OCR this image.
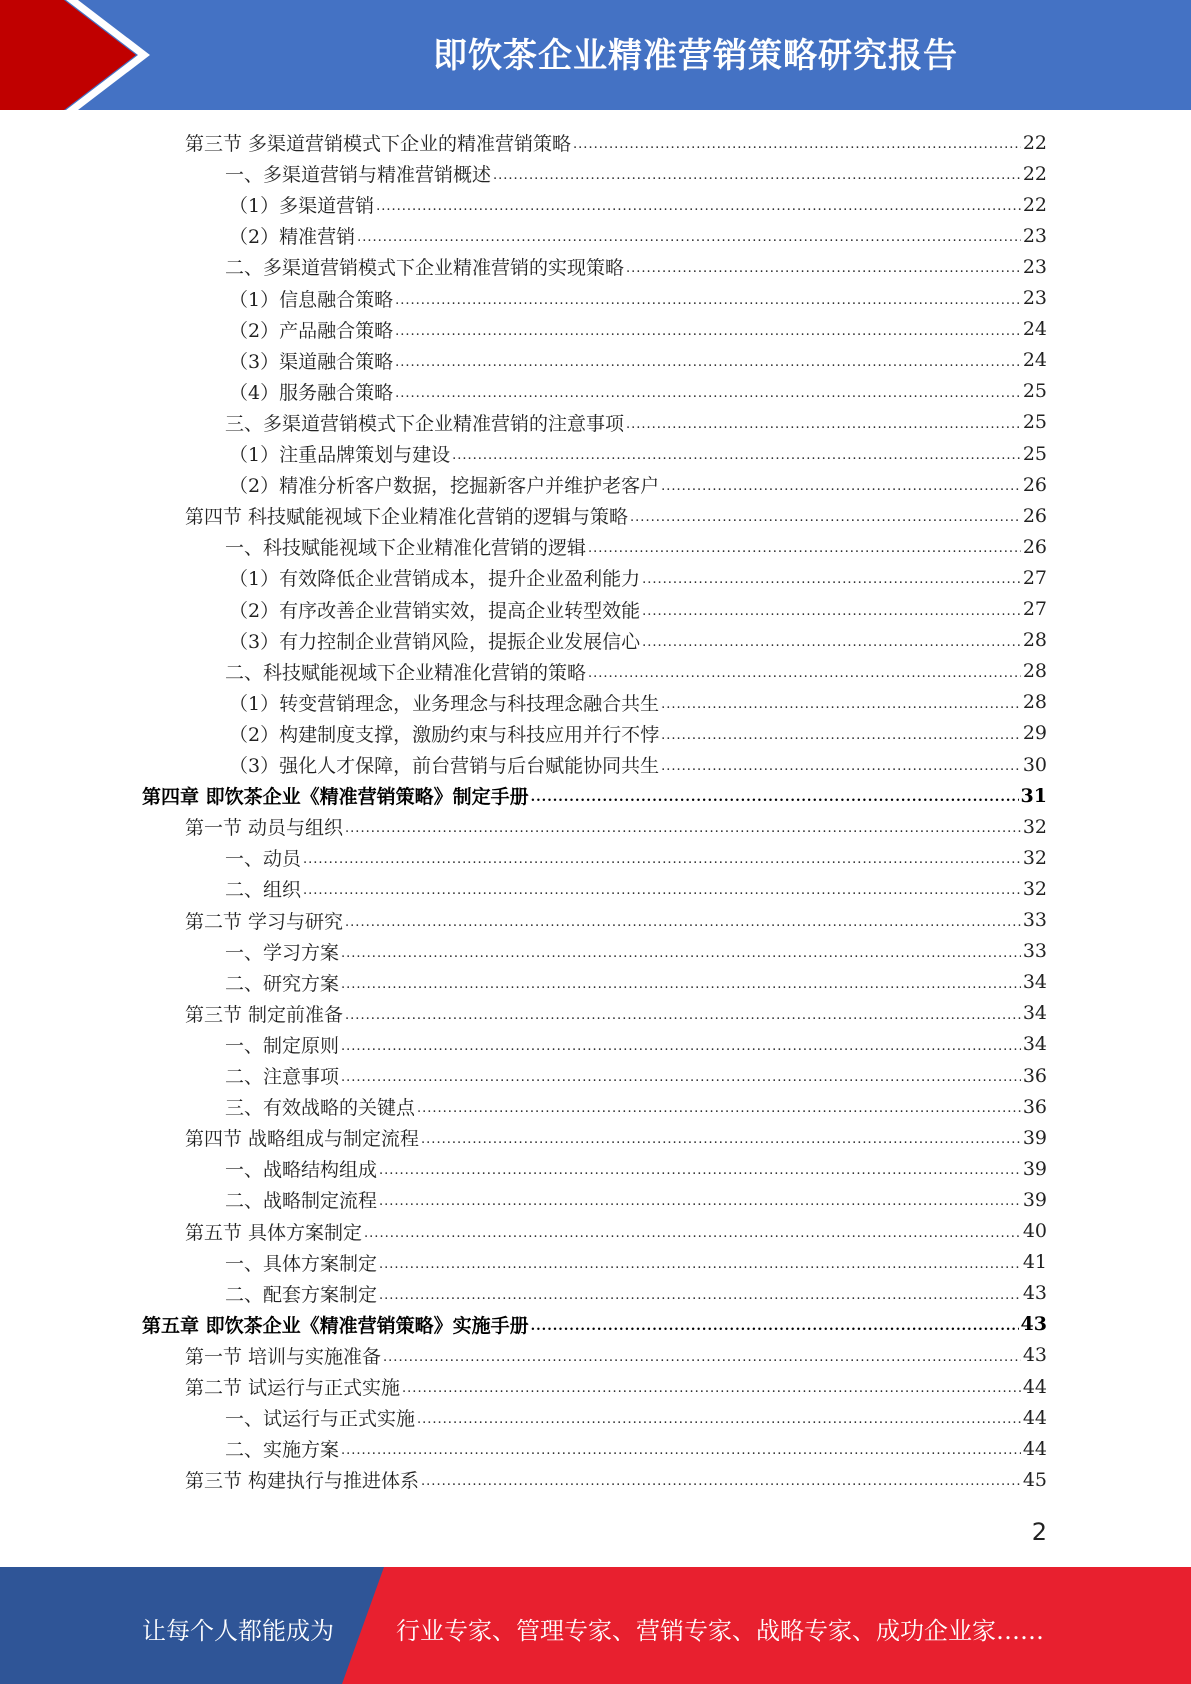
即饮茶企业精准营销策略研究报告
第三节 多渠道营销模式下企业的精准营销策略 .....	22
一、多渠道营销与精准营销概述 .....	22
（1）多渠道营销 .....	22
（2）精准营销 .....	23
二、多渠道营销模式下企业精准营销的实现策略 .....	23
（1）信息融合策略 .....	23
（2）产品融合策略 .....	24
（3）渠道融合策略 .....	24
（4）服务融合策略 .....	25
三、多渠道营销模式下企业精准营销的注意事项 .....	25
（1）注重品牌策划与建设 .....	25
（2）精准分析客户数据，挖掘新客户并维护老客户 .....	26
第四节 科技赋能视域下企业精准化营销的逻辑与策略 .....	26
一、科技赋能视域下企业精准化营销的逻辑 .....	26
（1）有效降低企业营销成本，提升企业盈利能力 .....	27
（2）有序改善企业营销实效，提高企业转型效能 .....	27
（3）有力控制企业营销风险，提振企业发展信心 .....	28
二、科技赋能视域下企业精准化营销的策略 .....	28
（1）转变营销理念，业务理念与科技理念融合共生 .....	28
（2）构建制度支撑，激励约束与科技应用并行不悖 .....	29
（3）强化人才保障，前台营销与后台赋能协同共生 .....	30
第四章 即饮茶企业《精准营销策略》制定手册 .....	31
第一节 动员与组织 .....	32
一、动员 .....	32
二、组织 .....	32
第二节 学习与研究 .....	33
一、学习方案 .....	33
二、研究方案 .....	34
第三节 制定前准备 .....	34
一、制定原则 .....	34
二、注意事项 .....	36
三、有效战略的关键点 .....	36
第四节 战略组成与制定流程 .....	39
一、战略结构组成 .....	39
二、战略制定流程 .....	39
第五节 具体方案制定 .....	40
一、具体方案制定 .....	41
二、配套方案制定 .....	43
第五章 即饮茶企业《精准营销策略》实施手册 .....	43
第一节 培训与实施准备 .....	43
第二节 试运行与正式实施 .....	44
一、试运行与正式实施 .....	44
二、实施方案 .....	44
第三节 构建执行与推进体系 .....	45
2
让每个人都能成为	行业专家、管理专家、营销专家、战略专家、成功企业家……
